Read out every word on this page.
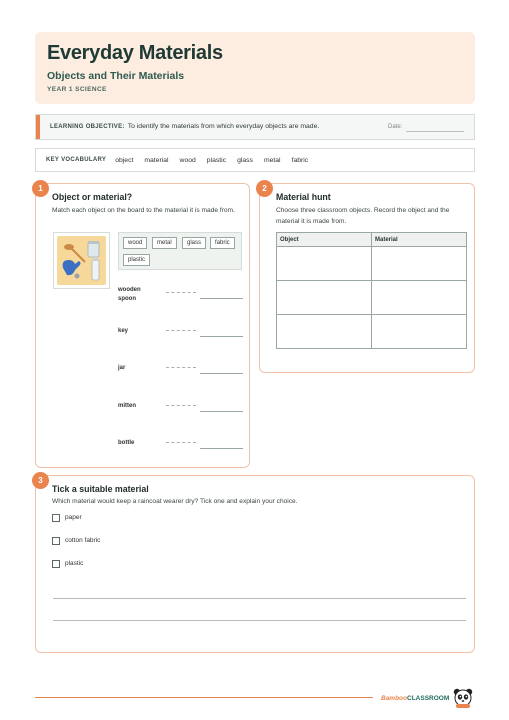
Everyday Materials
Objects and Their Materials
YEAR 1 SCIENCE
LEARNING OBJECTIVE: To identify the materials from which everyday objects are made.	Date:
KEY VOCABULARY object material wood plastic glass metal fabric
1
Object or material?
Match each object on the board to the material it is made from.
wood	metal	glass	fabric
plastic
wooden spoon
key
jar
mitten
bottle
2
Material hunt
Choose three classroom objects. Record the object and the material it is made from.
Object	Material

3
Tick a suitable material
Which material would keep a raincoat wearer dry? Tick one and explain your choice.
paper
cotton fabric
plastic
BambooCLASSROOM
